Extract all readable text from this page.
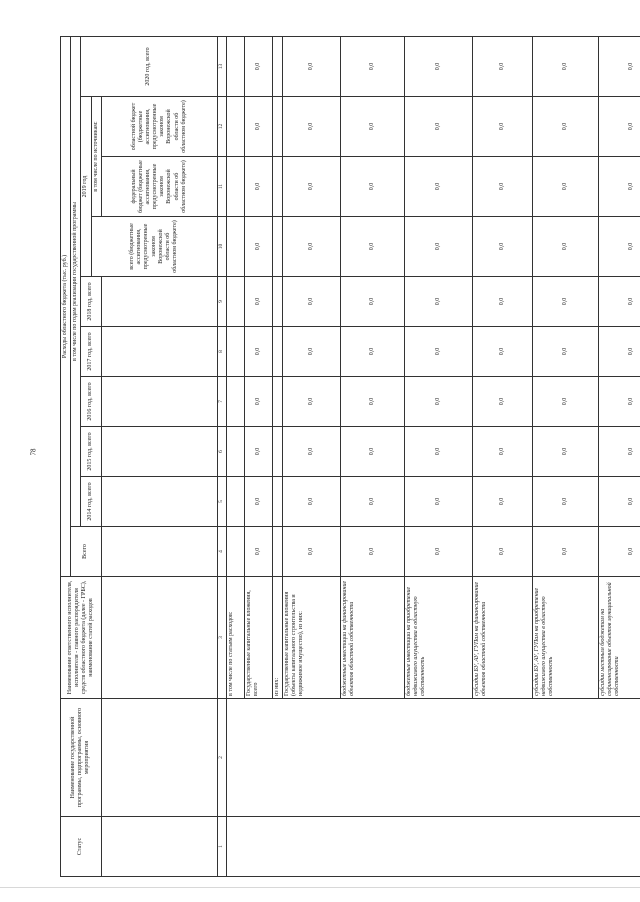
78
Статус	Наименование государственной программы, подпрограммы, основного мероприятия	Наименование ответственного исполнителя, исполнителя - главного распорядителя средств областного бюджета (далее - ГРБС), наименование статей расходов	Расходы областного бюджета (тыс. руб.)									
			Всего	в том числе по годам реализации государственной программы								
				2014 год, всего	2015 год, всего	2016 год, всего	2017 год, всего	2018 год, всего	2019 год			2020 год, всего
									всего (бюджетные ассигнования, предусмотренные законом Воронежской области об областном бюджете)	в том числе по источникам:		
										федеральный бюджет (бюджетные ассигнования, предусмотренные законом Воронежской области об областном бюджете)	областной бюджет (бюджетные ассигнования, предусмотренные законом Воронежской области об областном бюджете)	
1	2	3	4	5	6	7	8	9	10	11	12	13
		в том числе по статьям расходов:										
		Государственные капитальные вложения, всего	0,0	0,0	0,0	0,0	0,0	0,0	0,0	0,0	0,0	0,0
		из них:										
		Государственные капитальные вложения (объекты капитального строительства и недвижимое имущество), из них:	0,0	0,0	0,0	0,0	0,0	0,0	0,0	0,0	0,0	0,0
		бюджетные инвестиции на финансирование объектов областной собственности	0,0	0,0	0,0	0,0	0,0	0,0	0,0	0,0	0,0	0,0
		бюджетные инвестиции на приобретение недвижимого имущества в областную собственность	0,0	0,0	0,0	0,0	0,0	0,0	0,0	0,0	0,0	0,0
		субсидии БУ, АУ, ГУПам на финансирование объектов областной собственности	0,0	0,0	0,0	0,0	0,0	0,0	0,0	0,0	0,0	0,0
		субсидии БУ, АУ, ГУПам на приобретение недвижимого имущества в областную собственность	0,0	0,0	0,0	0,0	0,0	0,0	0,0	0,0	0,0	0,0
		субсидии местным бюджетам на софинансирование объектов муниципальной собственности	0,0	0,0	0,0	0,0	0,0	0,0	0,0	0,0	0,0	0,0
